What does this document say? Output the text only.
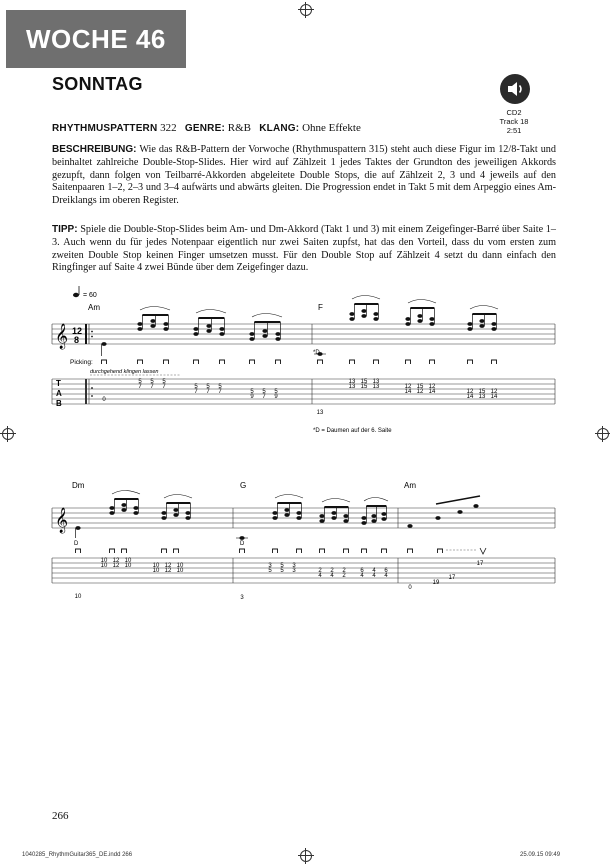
WOCHE 46
SONNTAG
CD2
Track 18
2:51
RHYTHMUSPATTERN 322 GENRE: R&B KLANG: Ohne Effekte
BESCHREIBUNG: Wie das R&B-Pattern der Vorwoche (Rhythmuspattern 315) steht auch diese Figur im 12/8-Takt und beinhaltet zahlreiche Double-Stop-Slides. Hier wird auf Zählzeit 1 jedes Taktes der Grundton des jeweiligen Akkords gezupft, dann folgen von Teilbarré-Akkorden abgeleitete Double Stops, die auf Zählzeit 2, 3 und 4 jeweils auf den Saitenpaaren 1–2, 2–3 und 3–4 aufwärts und abwärts gleiten. Die Progression endet in Takt 5 mit dem Arpeggio eines Am-Dreiklangs im oberen Register.
TIPP: Spiele die Double-Stop-Slides beim Am- und Dm-Akkord (Takt 1 und 3) mit einem Zeigefinger-Barré über Saite 1–3. Auch wenn du für jedes Notenpaar eigentlich nur zwei Saiten zupfst, hat das den Vorteil, dass du vom ersten zum zweiten Double Stop keinen Finger umsetzen musst. Für den Double Stop auf Zählzeit 4 setzt du dann einfach den Ringfinger auf Saite 4 zwei Bünde über dem Zeigefinger dazu.
= 60
Am	F
𝄞 12
8
Picking:
durchgehend klingen lassen
*D
T
A
B	0
5
7
5
7
5
7	5
7
5
7
5
7	5
9
5
7
5
9
13
13
13
15
15
13
13	12
14
15
12
12
14	12
14
15
13
12
14
*D = Daumen auf der 6. Saite
Dm	G	Am
𝄞
D	D
10
10
10
12
12
10
10	10
10
12
12
10
10
3
3
5
5
5
3
3	2
4
2
4
2
2
6
4
4
4
6
4
0
19
17
17
266
1040285_RhythmGuitar365_DE.indd 266	25.09.15 09:49
